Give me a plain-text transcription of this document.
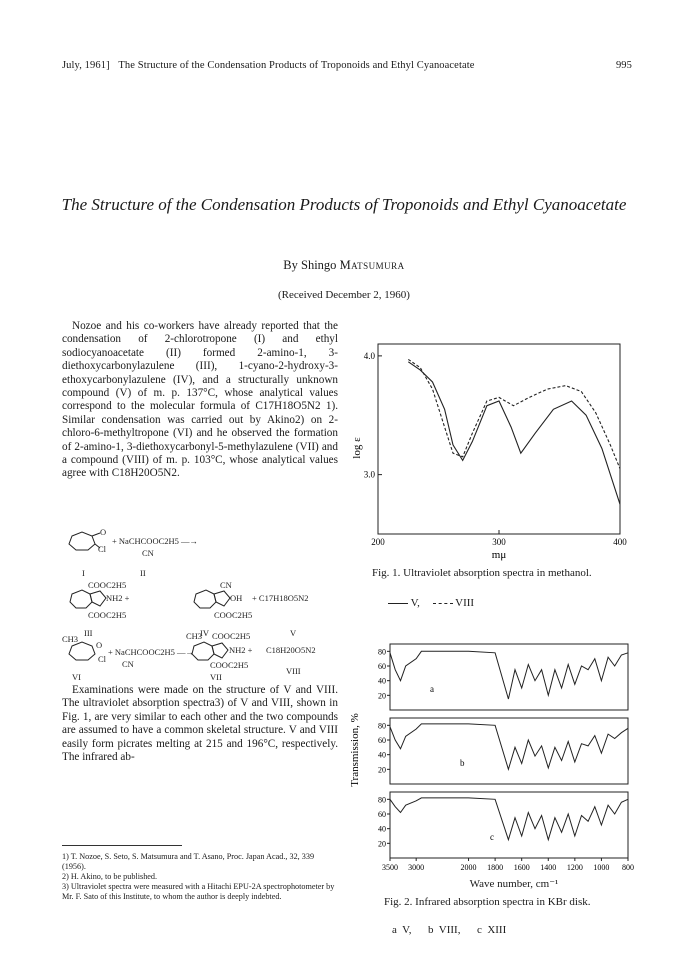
July, 1961] The Structure of the Condensation Products of Troponoids and Ethyl Cyanoacetate	995
The Structure of the Condensation Products of Troponoids and Ethyl Cyanoacetate
By Shingo Matsumura
(Received December 2, 1960)
Nozoe and his co-workers have already reported that the condensation of 2-chlorotropone (I) and ethyl sodiocyanoacetate (II) formed 2-amino-1, 3-diethoxycarbonylazulene (III), 1-cyano-2-hydroxy-3-ethoxycarbonylazulene (IV), and a structurally unknown compound (V) of m. p. 137°C, whose analytical values correspond to the molecular formula of C17H18O5N2 1). Similar condensation was carried out by Akino2) on 2-chloro-6-methyltropone (VI) and he observed the formation of 2-amino-1, 3-diethoxycarbonyl-5-methylazulene (VII) and a compound (VIII) of m. p. 103°C, whose analytical values agree with C18H20O5N2.
O
Cl
+ NaCHCOOC2H5 —→
CN
I	II
COOC2H5
NH2 +
COOC2H5
CN
OH + C17H18O5N2
COOC2H5
III	IV	V
CH3
O
Cl
+ NaCHCOOC2H5 —→
CN
CH3 COOC2H5
NH2 + C18H20O5N2
COOC2H5
VI	VII
VIII
Examinations were made on the structure of V and VIII. The ultraviolet absorption spectra3) of V and VIII, shown in Fig. 1, are very similar to each other and the two compounds are assumed to have a common skeletal structure. V and VIII easily form picrates melting at 215 and 196°C, respectively. The infrared ab-
1) T. Nozoe, S. Seto, S. Matsumura and T. Asano, Proc. Japan Acad., 32, 339 (1956).
2) H. Akino, to be published.
3) Ultraviolet spectra were measured with a Hitachi EPU-2A spectrophotometer by Mr. F. Sato of this Institute, to whom the author is deeply indebted.
200	300	400
3.0
4.0
log ε
mμ
Fig. 1. Ultraviolet absorption spectra in methanol.
V,	VIII
Transmission, %
20
40
60
80
a
20
40
60
80
b
20
40
60
80
c
3500 3000	2000 1800 1600 1400 1200 1000 800
Wave number, cm⁻¹
Fig. 2. Infrared absorption spectra in KBr disk.
a  V,      b  VIII,      c  XIII
